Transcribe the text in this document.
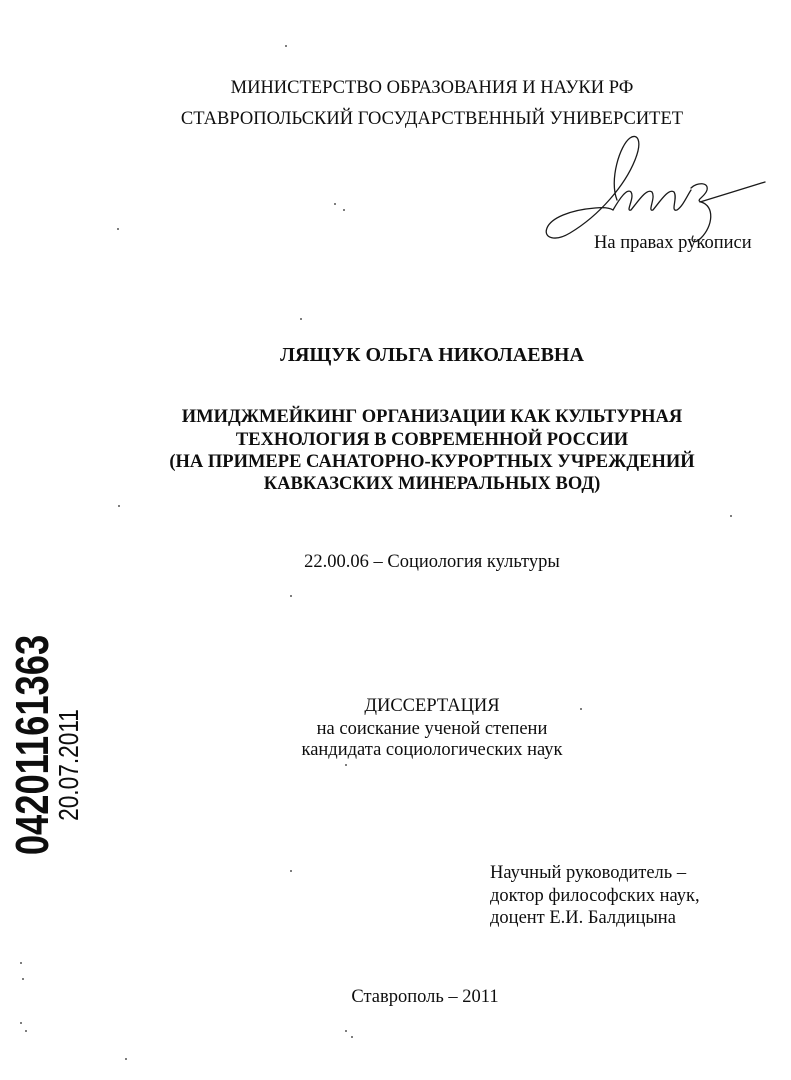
МИНИСТЕРСТВО ОБРАЗОВАНИЯ И НАУКИ РФ
СТАВРОПОЛЬСКИЙ ГОСУДАРСТВЕННЫЙ УНИВЕРСИТЕТ
На правах рукописи
ЛЯЩУК ОЛЬГА НИКОЛАЕВНА
ИМИДЖМЕЙКИНГ ОРГАНИЗАЦИИ КАК КУЛЬТУРНАЯ
ТЕХНОЛОГИЯ В СОВРЕМЕННОЙ РОССИИ
(НА ПРИМЕРЕ САНАТОРНО-КУРОРТНЫХ УЧРЕЖДЕНИЙ
КАВКАЗСКИХ МИНЕРАЛЬНЫХ ВОД)
22.00.06 – Социология культуры
ДИССЕРТАЦИЯ
на соискание ученой степени
кандидата социологических наук
Научный руководитель –
доктор философских наук,
доцент Е.И. Балдицына
Ставрополь – 2011
04201161363
20.07.2011
